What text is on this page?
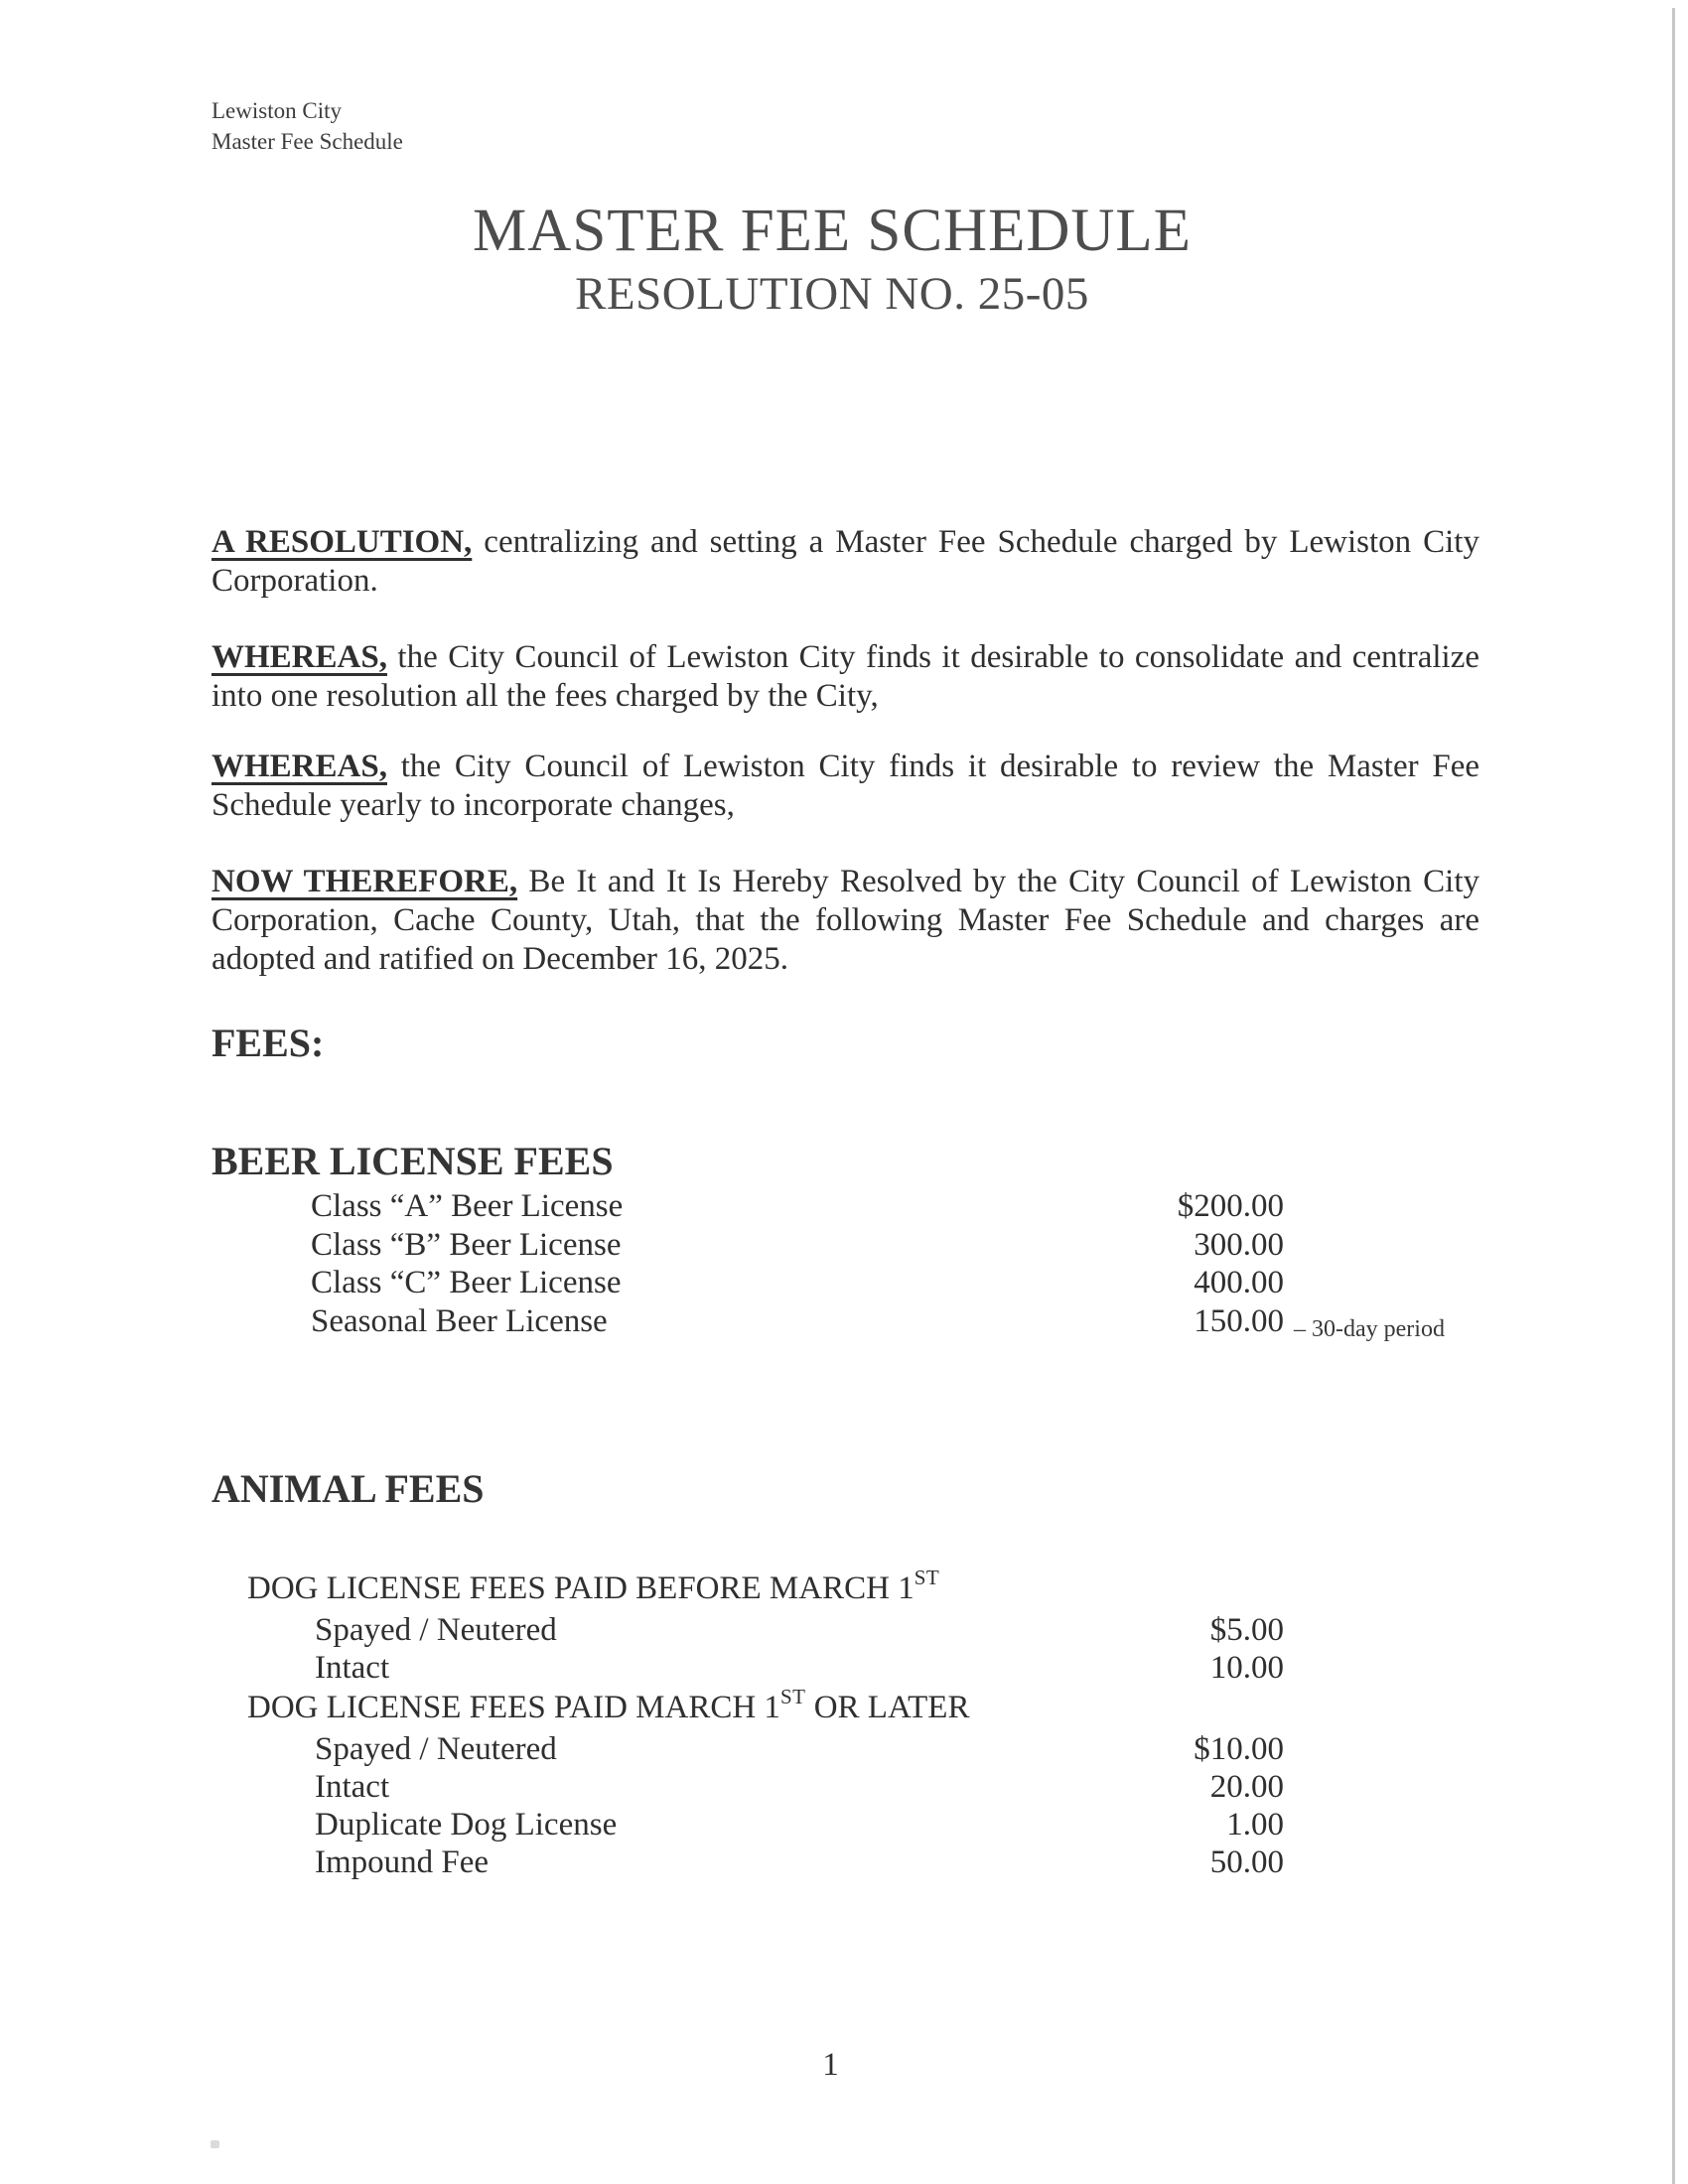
Lewiston City
Master Fee Schedule
MASTER FEE SCHEDULE
RESOLUTION NO. 25-05

A RESOLUTION, centralizing and setting a Master Fee Schedule charged by Lewiston City Corporation.

WHEREAS, the City Council of Lewiston City finds it desirable to consolidate and centralize into one resolution all the fees charged by the City,

WHEREAS, the City Council of Lewiston City finds it desirable to review the Master Fee Schedule yearly to incorporate changes,

NOW THEREFORE, Be It and It Is Hereby Resolved by the City Council of Lewiston City Corporation, Cache County, Utah, that the following Master Fee Schedule and charges are adopted and ratified on December 16, 2025.

FEES:
BEER LICENSE FEES
Class “A” Beer License	$200.00
Class “B” Beer License	300.00
Class “C” Beer License	400.00
Seasonal Beer License	150.00 – 30-day period
ANIMAL FEES
DOG LICENSE FEES PAID BEFORE MARCH 1ST
Spayed / Neutered	$5.00
Intact	10.00
DOG LICENSE FEES PAID MARCH 1ST OR LATER
Spayed / Neutered	$10.00
Intact	20.00
Duplicate Dog License	1.00
Impound Fee	50.00
1
